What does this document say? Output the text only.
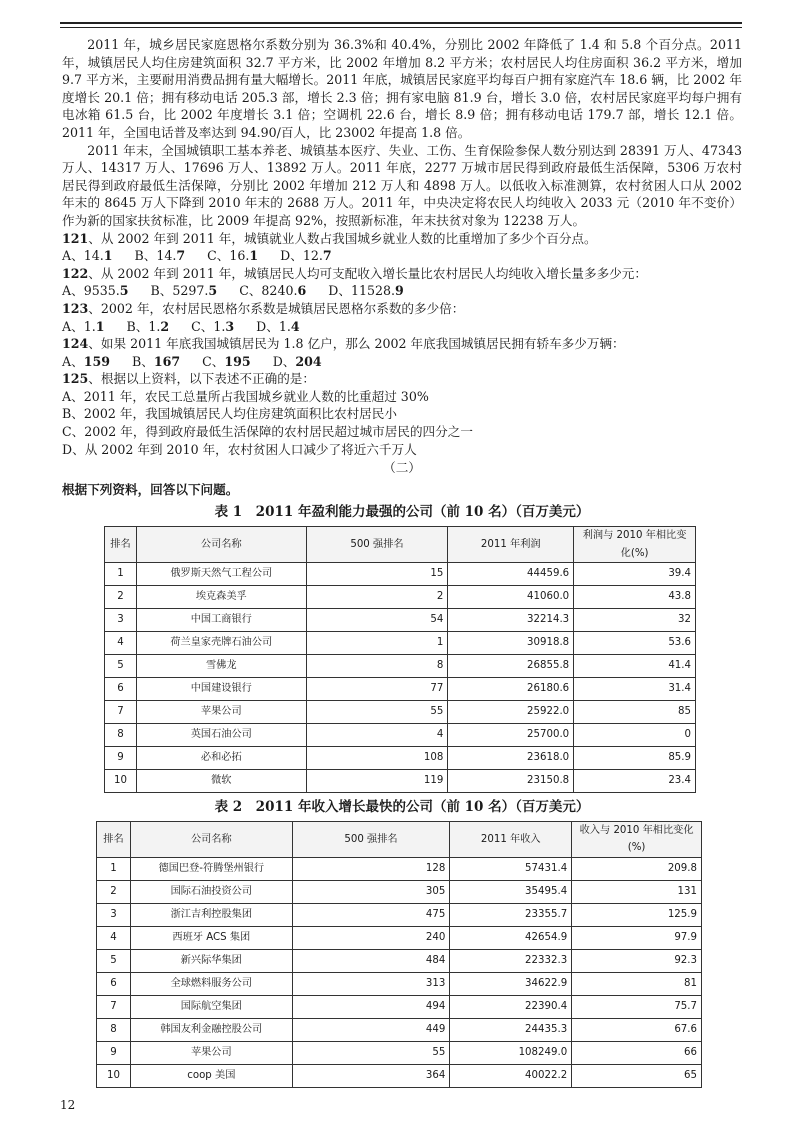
2011 年，城乡居民家庭恩格尔系数分别为 36.3%和 40.4%，分别比 2002 年降低了 1.4 和 5.8 个百分点。2011 年，城镇居民人均住房建筑面积 32.7 平方米，比 2002 年增加 8.2 平方米；农村居民人均住房面积 36.2 平方米，增加 9.7 平方米，主要耐用消费品拥有量大幅增长。2011 年底，城镇居民家庭平均每百户拥有家庭汽车 18.6 辆，比 2002 年度增长 20.1 倍；拥有移动电话 205.3 部，增长 2.3 倍；拥有家电脑 81.9 台，增长 3.0 倍，农村居民家庭平均每户拥有电冰箱 61.5 台，比 2002 年度增长 3.1 倍；空调机 22.6 台，增长 8.9 倍；拥有移动电话 179.7 部，增长 12.1 倍。2011 年，全国电话普及率达到 94.90/百人，比 23002 年提高 1.8 倍。

2011 年末，全国城镇职工基本养老、城镇基本医疗、失业、工伤、生育保险参保人数分别达到 28391 万人、47343 万人、14317 万人、17696 万人、13892 万人。2011 年底，2277 万城市居民得到政府最低生活保障，5306 万农村居民得到政府最低生活保障，分别比 2002 年增加 212 万人和 4898 万人。以低收入标准测算，农村贫困人口从 2002 年末的 8645 万人下降到 2010 年末的 2688 万人。2011 年，中央决定将农民人均纯收入 2033 元（2010 年不变价）作为新的国家扶贫标准，比 2009 年提高 92%，按照新标准，年末扶贫对象为 12238 万人。

121、从 2002 年到 2011 年，城镇就业人数占我国城乡就业人数的比重增加了多少个百分点。
A、14.1 B、14.7 C、16.1 D、12.7
122、从 2002 年到 2011 年，城镇居民人均可支配收入增长量比农村居民人均纯收入增长量多多少元：
A、9535.5 B、5297.5 C、8240.6 D、11528.9
123、2002 年，农村居民恩格尔系数是城镇居民恩格尔系数的多少倍：
A、1.1 B、1.2 C、1.3 D、1.4
124、如果 2011 年底我国城镇居民为 1.8 亿户，那么 2002 年底我国城镇居民拥有轿车多少万辆：
A、159 B、167 C、195 D、204
125、根据以上资料，以下表述不正确的是：
A、2011 年，农民工总量所占我国城乡就业人数的比重超过 30%
B、2002 年，我国城镇居民人均住房建筑面积比农村居民小
C、2002 年，得到政府最低生活保障的农村居民超过城市居民的四分之一
D、从 2002 年到 2010 年，农村贫困人口减少了将近六千万人
（二）
根据下列资料，回答以下问题。
表 1　2011 年盈利能力最强的公司（前 10 名）（百万美元）
排名	公司名称	500 强排名	2011 年利润	利润与 2010 年相比变化(%)
1	俄罗斯天然气工程公司	15	44459.6	39.4
2	埃克森美孚	2	41060.0	43.8
3	中国工商银行	54	32214.3	32
4	荷兰皇家壳牌石油公司	1	30918.8	53.6
5	雪佛龙	8	26855.8	41.4
6	中国建设银行	77	26180.6	31.4
7	苹果公司	55	25922.0	85
8	英国石油公司	4	25700.0	0
9	必和必拓	108	23618.0	85.9
10	微软	119	23150.8	23.4
表 2　2011 年收入增长最快的公司（前 10 名）（百万美元）
排名	公司名称	500 强排名	2011 年收入	收入与 2010 年相比变化(%)
1	德国巴登-符腾堡州银行	128	57431.4	209.8
2	国际石油投资公司	305	35495.4	131
3	浙江吉利控股集团	475	23355.7	125.9
4	西班牙 ACS 集团	240	42654.9	97.9
5	新兴际华集团	484	22332.3	92.3
6	全球燃料服务公司	313	34622.9	81
7	国际航空集团	494	22390.4	75.7
8	韩国友利金融控股公司	449	24435.3	67.6
9	苹果公司	55	108249.0	66
10	coop 美国	364	40022.2	65
12
